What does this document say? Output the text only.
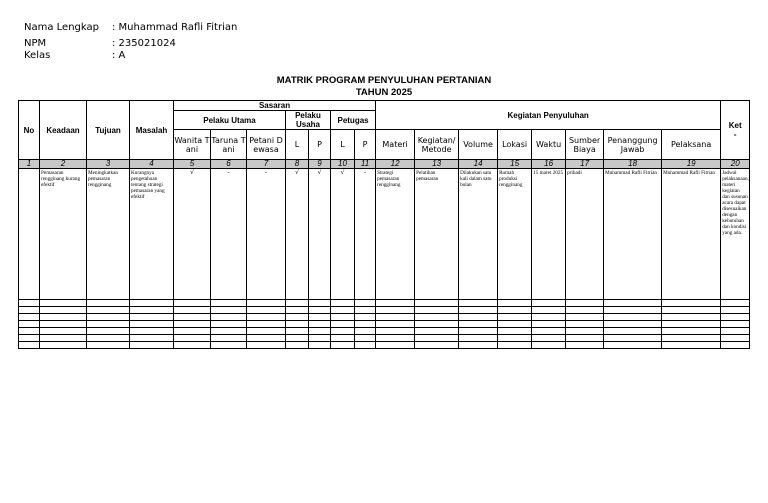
Nama Lengkap : Muhammad Rafli Fitrian
NPM	: 235021024
Kelas	: A
MATRIK PROGRAM PENYULUHAN PERTANIAN
TAHUN 2025
No	Keadaan	Tujuan	Masalah	Sasaran							Kegiatan Penyuluhan								Ket
-
				Pelaku Utama			Pelaku Usaha		Petugas										
				Wanita Tani	Taruna Tani	Petani Dewasa	L	P	L	P	Materi	Kegiatan/ Metode	Volume	Lokasi	Waktu	Sumber Biaya	Penanggung Jawab	Pelaksana	
1	2	3	4	5	6	7	8	9	10	11	12	13	14	15	16	17	18	19	20
	Pemasaran rengginang kurang efektif	Meningkatkan pemasaran rengginang	Kurangnya pengetahuan tentang strategi pemasaran yang efektif	√	-	-	√	√	√	-	Strategi pemasaran rengginang	Pelatihan pemasaran	Dilakukan satu kali dalam satu bulan	Rumah produksi rengginang	15 maret 2025	pribadi	Muhammad Rafli Fitrian	Muhammad Rafli Fitrian	Jadwal pelaksanaan, materi kegiatan dan susunan acara dapat disesuaikan dengan kebutuhan dan kondisi yang ada.
